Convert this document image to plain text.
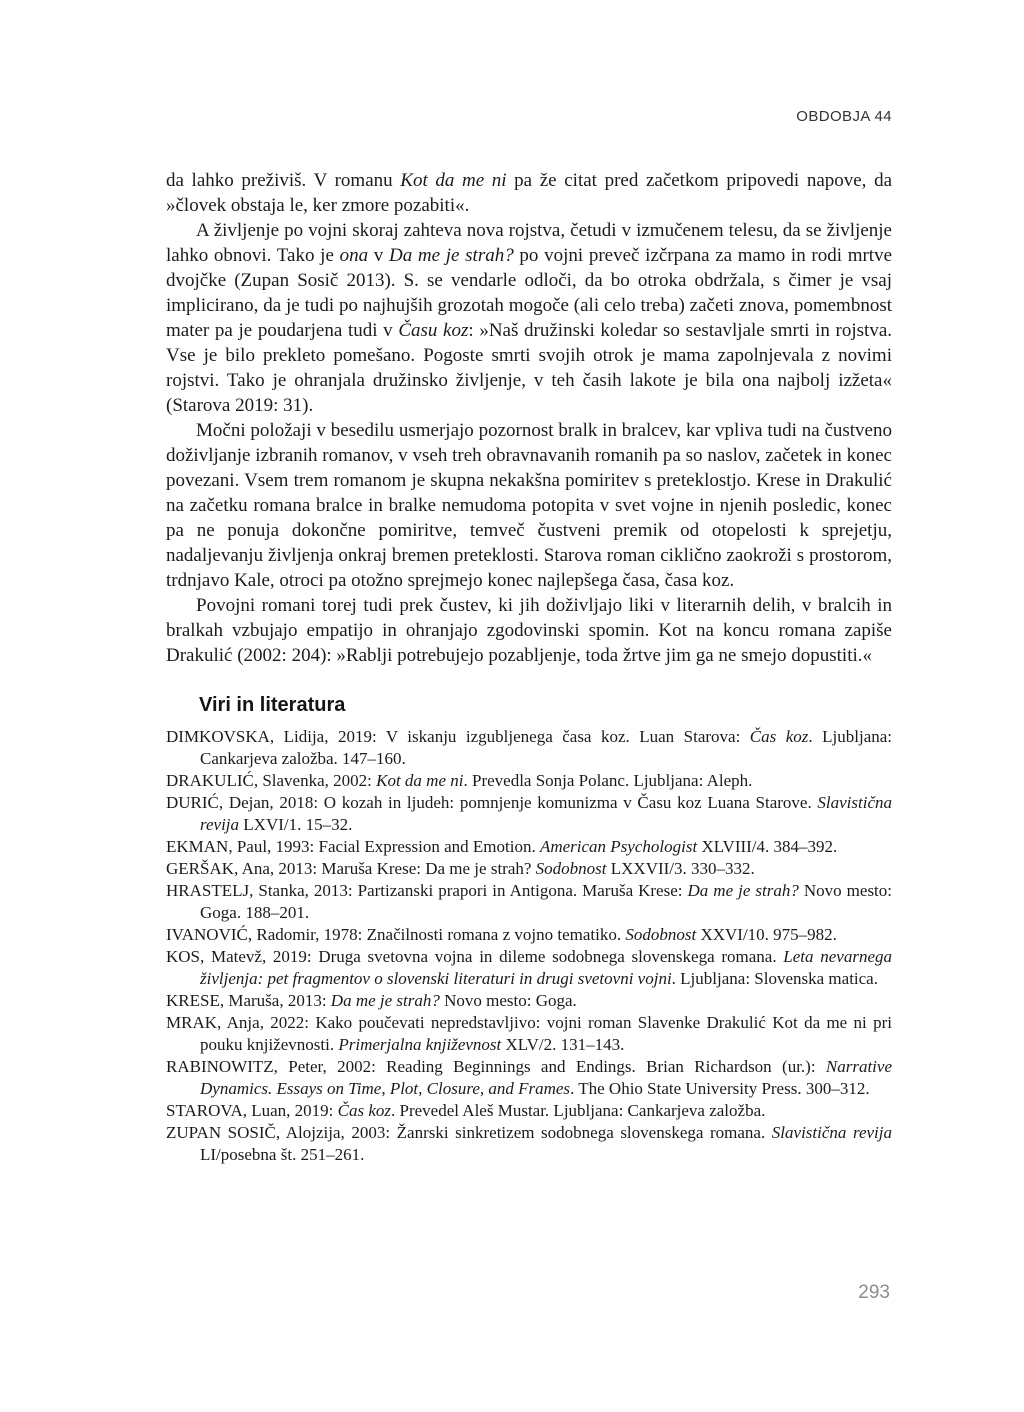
OBDOBJA 44

da lahko preživiš. V romanu Kot da me ni pa že citat pred začetkom pripovedi napove, da »človek obstaja le, ker zmore pozabiti«.

A življenje po vojni skoraj zahteva nova rojstva, četudi v izmučenem telesu, da se življenje lahko obnovi. Tako je ona v Da me je strah? po vojni preveč izčrpana za mamo in rodi mrtve dvojčke (Zupan Sosič 2013). S. se vendarle odloči, da bo otroka obdržala, s čimer je vsaj implicirano, da je tudi po najhujših grozotah mogoče (ali celo treba) začeti znova, pomembnost mater pa je poudarjena tudi v Času koz: »Naš družinski koledar so sestavljale smrti in rojstva. Vse je bilo prekleto pomešano. Pogoste smrti svojih otrok je mama zapolnjevala z novimi rojstvi. Tako je ohranjala družinsko življenje, v teh časih lakote je bila ona najbolj izžeta« (Starova 2019: 31).

Močni položaji v besedilu usmerjajo pozornost bralk in bralcev, kar vpliva tudi na čustveno doživljanje izbranih romanov, v vseh treh obravnavanih romanih pa so naslov, začetek in konec povezani. Vsem trem romanom je skupna nekakšna pomiritev s preteklostjo. Krese in Drakulić na začetku romana bralce in bralke nemudoma potopita v svet vojne in njenih posledic, konec pa ne ponuja dokončne pomiritve, temveč čustveni premik od otopelosti k sprejetju, nadaljevanju življenja onkraj bremen preteklosti. Starova roman ciklično zaokroži s prostorom, trdnjavo Kale, otroci pa otožno sprejmejo konec najlepšega časa, časa koz.

Povojni romani torej tudi prek čustev, ki jih doživljajo liki v literarnih delih, v bralcih in bralkah vzbujajo empatijo in ohranjajo zgodovinski spomin. Kot na koncu romana zapiše Drakulić (2002: 204): »Rablji potrebujejo pozabljenje, toda žrtve jim ga ne smejo dopustiti.«

Viri in literatura

DIMKOVSKA, Lidija, 2019: V iskanju izgubljenega časa koz. Luan Starova: Čas koz. Ljubljana: Cankarjeva založba. 147–160.

DRAKULIĆ, Slavenka, 2002: Kot da me ni. Prevedla Sonja Polanc. Ljubljana: Aleph.

DURIĆ, Dejan, 2018: O kozah in ljudeh: pomnjenje komunizma v Času koz Luana Starove. Slavistična revija LXVI/1. 15–32.

EKMAN, Paul, 1993: Facial Expression and Emotion. American Psychologist XLVIII/4. 384–392.

GERŠAK, Ana, 2013: Maruša Krese: Da me je strah? Sodobnost LXXVII/3. 330–332.

HRASTELJ, Stanka, 2013: Partizanski prapori in Antigona. Maruša Krese: Da me je strah? Novo mesto: Goga. 188–201.

IVANOVIĆ, Radomir, 1978: Značilnosti romana z vojno tematiko. Sodobnost XXVI/10. 975–982.

KOS, Matevž, 2019: Druga svetovna vojna in dileme sodobnega slovenskega romana. Leta nevarnega življenja: pet fragmentov o slovenski literaturi in drugi svetovni vojni. Ljubljana: Slovenska matica.

KRESE, Maruša, 2013: Da me je strah? Novo mesto: Goga.

MRAK, Anja, 2022: Kako poučevati nepredstavljivo: vojni roman Slavenke Drakulić Kot da me ni pri pouku književnosti. Primerjalna književnost XLV/2. 131–143.

RABINOWITZ, Peter, 2002: Reading Beginnings and Endings. Brian Richardson (ur.): Narrative Dynamics. Essays on Time, Plot, Closure, and Frames. The Ohio State University Press. 300–312.

STAROVA, Luan, 2019: Čas koz. Prevedel Aleš Mustar. Ljubljana: Cankarjeva založba.

ZUPAN SOSIČ, Alojzija, 2003: Žanrski sinkretizem sodobnega slovenskega romana. Slavistična revija LI/posebna št. 251–261.

293
